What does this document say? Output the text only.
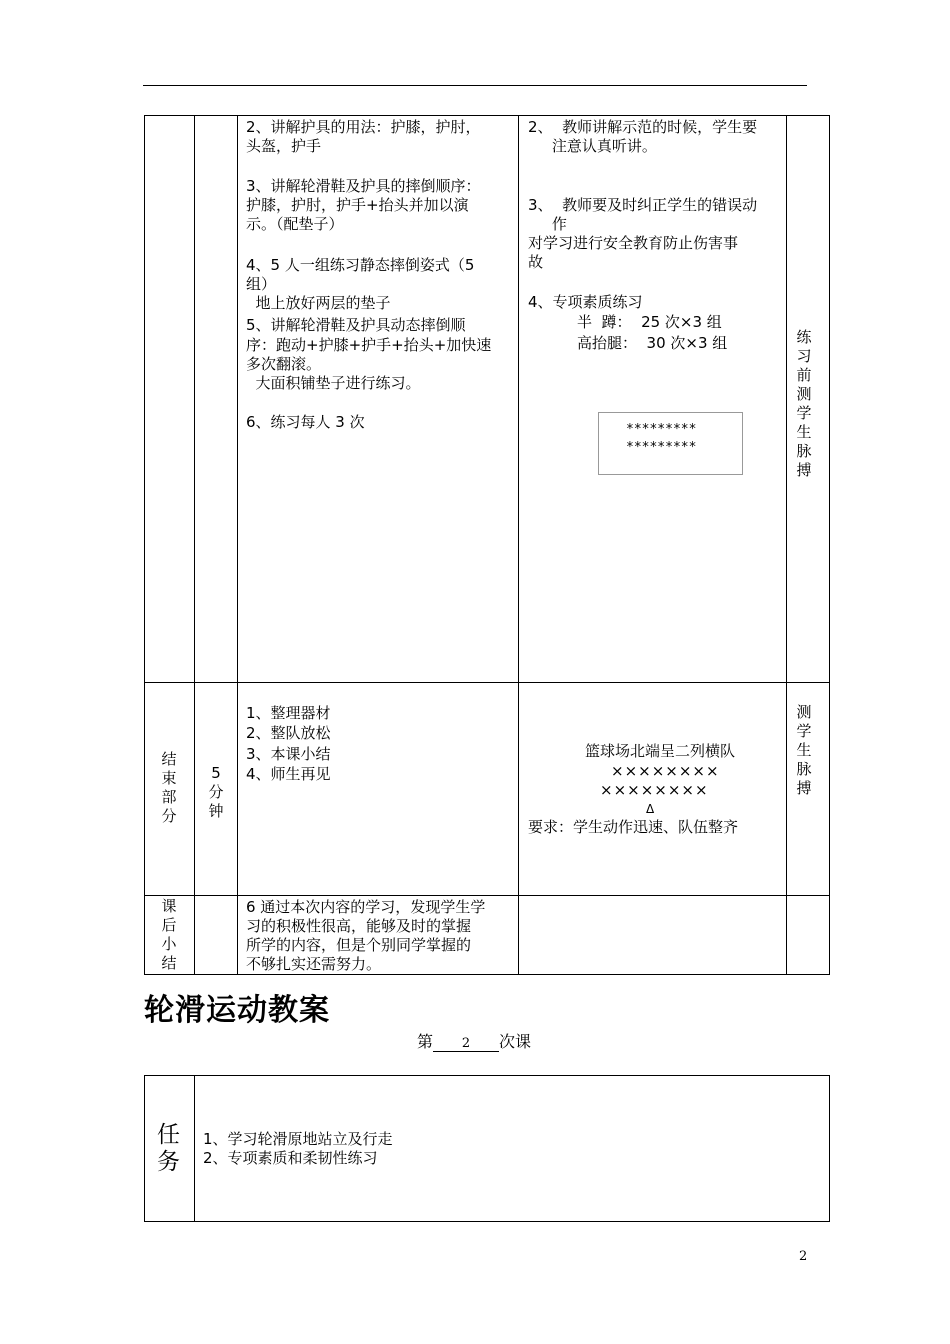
2、讲解护具的用法：护膝，护肘，
头盔，护手
3、讲解轮滑鞋及护具的摔倒顺序：
护膝，护肘，护手+抬头并加以演
示。（配垫子）
4、5 人一组练习静态摔倒姿式（5
组）
地上放好两层的垫子
5、讲解轮滑鞋及护具动态摔倒顺
序：跑动+护膝+护手+抬头+加快速
多次翻滚。
大面积铺垫子进行练习。
6、练习每人 3 次
2、  教师讲解示范的时候，学生要
注意认真听讲。
3、  教师要及时纠正学生的错误动
作
对学习进行安全教育防止伤害事
故
4、专项素质练习
半  蹲：  25 次×3 组
高抬腿：  30 次×3 组
*********
*********
练习前测学生脉搏
结束部分
5 分钟
1、整理器材
2、整队放松
3、本课小结
4、师生再见
篮球场北端呈二列横队
××××××××
××××××××
Δ
要求：学生动作迅速、队伍整齐
测学生脉搏
课后小结
6 通过本次内容的学习，发现学生学
习的积极性很高，能够及时的掌握
所学的内容，但是个别同学掌握的
不够扎实还需努力。
轮滑运动教案
第 2 次课
任
务
1、学习轮滑原地站立及行走
2、专项素质和柔韧性练习
2
